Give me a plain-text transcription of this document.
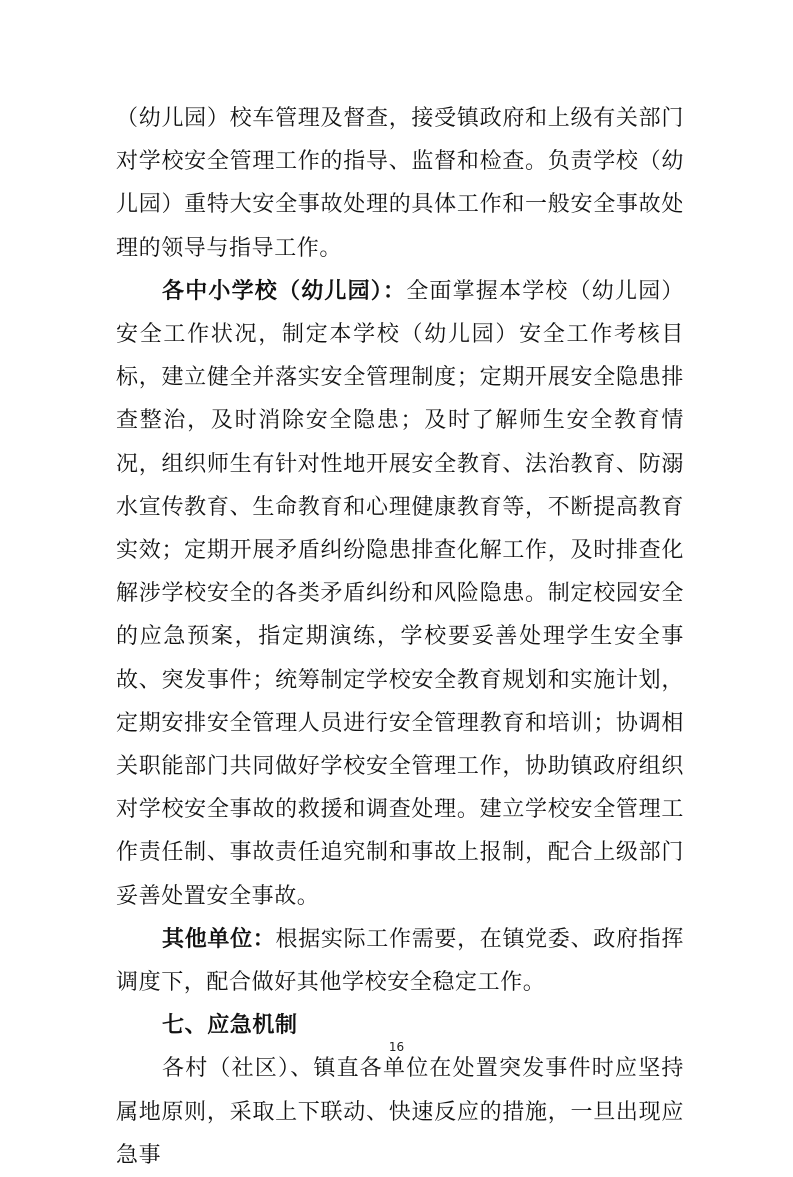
（幼儿园）校车管理及督查，接受镇政府和上级有关部门对学校安全管理工作的指导、监督和检查。负责学校（幼儿园）重特大安全事故处理的具体工作和一般安全事故处理的领导与指导工作。

各中小学校（幼儿园）：全面掌握本学校（幼儿园）安全工作状况，制定本学校（幼儿园）安全工作考核目标，建立健全并落实安全管理制度；定期开展安全隐患排查整治，及时消除安全隐患；及时了解师生安全教育情况，组织师生有针对性地开展安全教育、法治教育、防溺水宣传教育、生命教育和心理健康教育等，不断提高教育实效；定期开展矛盾纠纷隐患排查化解工作，及时排查化解涉学校安全的各类矛盾纠纷和风险隐患。制定校园安全的应急预案，指定期演练，学校要妥善处理学生安全事故、突发事件；统筹制定学校安全教育规划和实施计划，定期安排安全管理人员进行安全管理教育和培训；协调相关职能部门共同做好学校安全管理工作，协助镇政府组织对学校安全事故的救援和调查处理。建立学校安全管理工作责任制、事故责任追究制和事故上报制，配合上级部门妥善处置安全事故。

其他单位：根据实际工作需要，在镇党委、政府指挥调度下，配合做好其他学校安全稳定工作。

七、应急机制

各村（社区）、镇直各单位在处置突发事件时应坚持属地原则，采取上下联动、快速反应的措施，一旦出现应急事

16
